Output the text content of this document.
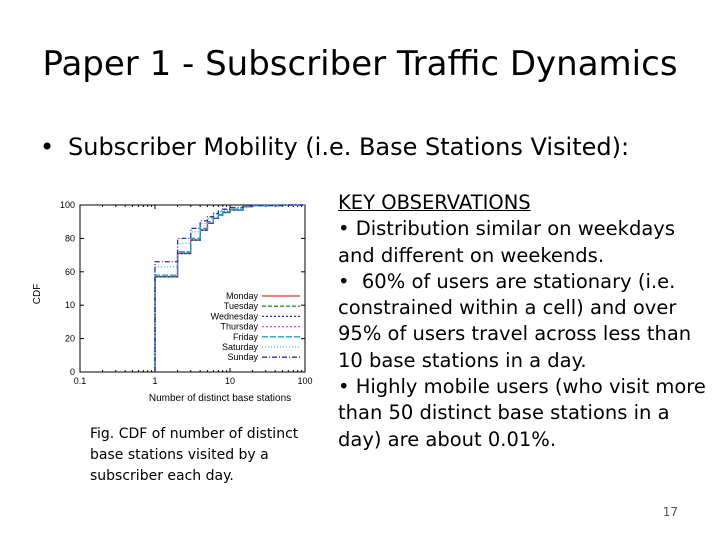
Paper 1 - Subscriber Traffic Dynamics
• Subscriber Mobility (i.e. Base Stations Visited):
0.1	1	10	100
0
20
10
60
80
100
Monday
Tuesday
Wednesday
Thursday
Friday
Saturday
Sunday
Number of distinct base stations
CDF
Fig. CDF of number of distinct base stations visited by a subscriber each day.
KEY OBSERVATIONS
• Distribution similar on weekdays and different on weekends.
•  60% of users are stationary (i.e. constrained within a cell) and over 95% of users travel across less than 10 base stations in a day.
• Highly mobile users (who visit more than 50 distinct base stations in a day) are about 0.01%.
17
